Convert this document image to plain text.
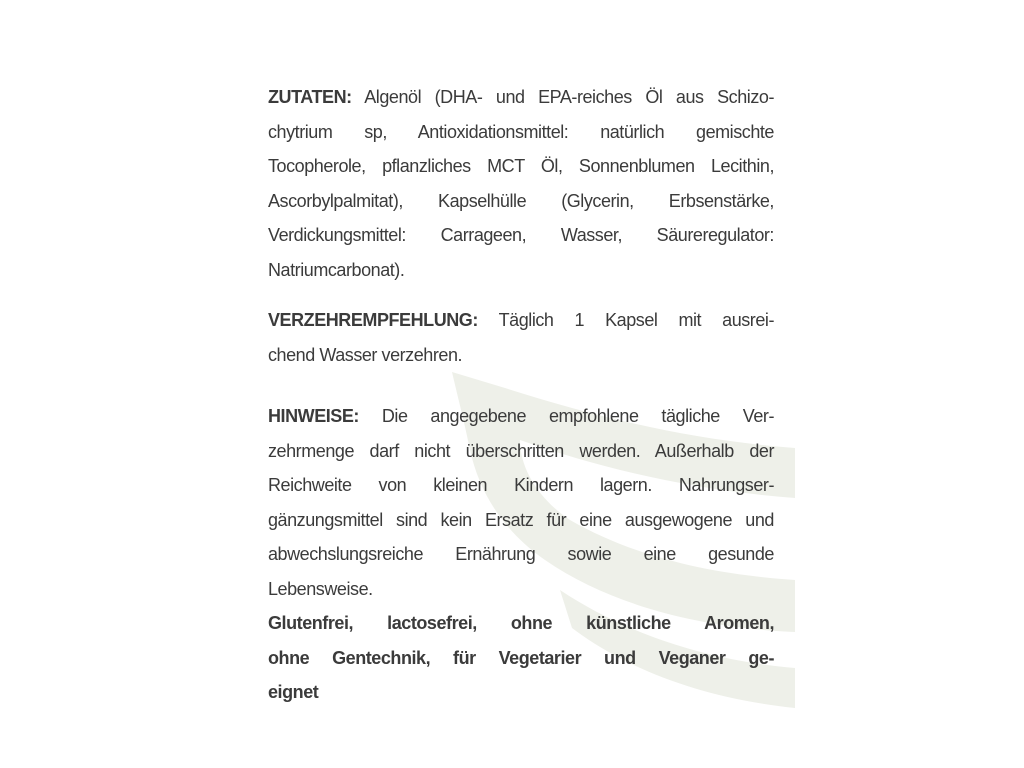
ZUTATEN: Algenöl (DHA- und EPA-reiches Öl aus Schizo-
chytrium sp, Antioxidationsmittel: natürlich gemischte
Tocopherole, pflanzliches MCT Öl, Sonnenblumen Lecithin,
Ascorbylpalmitat), Kapselhülle (Glycerin, Erbsenstärke,
Verdickungsmittel: Carrageen, Wasser, Säureregulator:
Natriumcarbonat).

VERZEHREMPFEHLUNG: Täglich 1 Kapsel mit ausrei-
chend Wasser verzehren.

HINWEISE: Die angegebene empfohlene tägliche Ver-
zehrmenge darf nicht überschritten werden. Außerhalb der
Reichweite von kleinen Kindern lagern. Nahrungser-
gänzungsmittel sind kein Ersatz für eine ausgewogene und
abwechslungsreiche Ernährung sowie eine gesunde
Lebensweise.

Glutenfrei, lactosefrei, ohne künstliche Aromen,
ohne Gentechnik, für Vegetarier und Veganer ge-
eignet
